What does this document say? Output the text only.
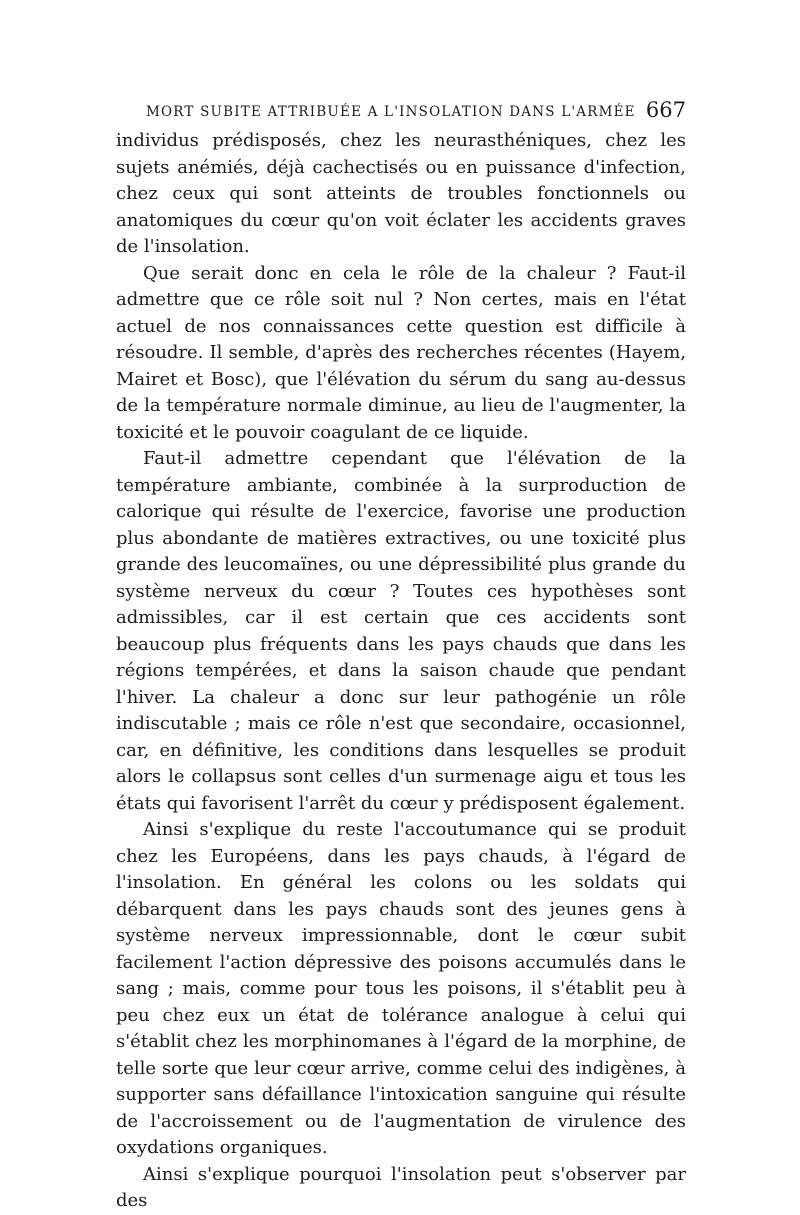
MORT SUBITE ATTRIBUÉE A L'INSOLATION DANS L'ARMÉE 667

individus prédisposés, chez les neurasthéniques, chez les sujets anémiés, déjà cachectisés ou en puissance d'infection, chez ceux qui sont atteints de troubles fonctionnels ou anatomiques du cœur qu'on voit éclater les accidents graves de l'insolation.

Que serait donc en cela le rôle de la chaleur ? Faut-il admettre que ce rôle soit nul ? Non certes, mais en l'état actuel de nos connaissances cette question est difficile à résoudre. Il semble, d'après des recherches récentes (Hayem, Mairet et Bosc), que l'élévation du sérum du sang au-dessus de la température normale diminue, au lieu de l'augmenter, la toxicité et le pouvoir coagulant de ce liquide.

Faut-il admettre cependant que l'élévation de la température ambiante, combinée à la surproduction de calorique qui résulte de l'exercice, favorise une production plus abondante de matières extractives, ou une toxicité plus grande des leucomaïnes, ou une dépressibilité plus grande du système nerveux du cœur ? Toutes ces hypothèses sont admissibles, car il est certain que ces accidents sont beaucoup plus fréquents dans les pays chauds que dans les régions tempérées, et dans la saison chaude que pendant l'hiver. La chaleur a donc sur leur pathogénie un rôle indiscutable ; mais ce rôle n'est que secondaire, occasionnel, car, en définitive, les conditions dans lesquelles se produit alors le collapsus sont celles d'un surmenage aigu et tous les états qui favorisent l'arrêt du cœur y prédisposent également.

Ainsi s'explique du reste l'accoutumance qui se produit chez les Européens, dans les pays chauds, à l'égard de l'insolation. En général les colons ou les soldats qui débarquent dans les pays chauds sont des jeunes gens à système nerveux impressionnable, dont le cœur subit facilement l'action dépressive des poisons accumulés dans le sang ; mais, comme pour tous les poisons, il s'établit peu à peu chez eux un état de tolérance analogue à celui qui s'établit chez les morphinomanes à l'égard de la morphine, de telle sorte que leur cœur arrive, comme celui des indigènes, à supporter sans défaillance l'intoxication sanguine qui résulte de l'accroissement ou de l'augmentation de virulence des oxydations organiques.

Ainsi s'explique pourquoi l'insolation peut s'observer par des
